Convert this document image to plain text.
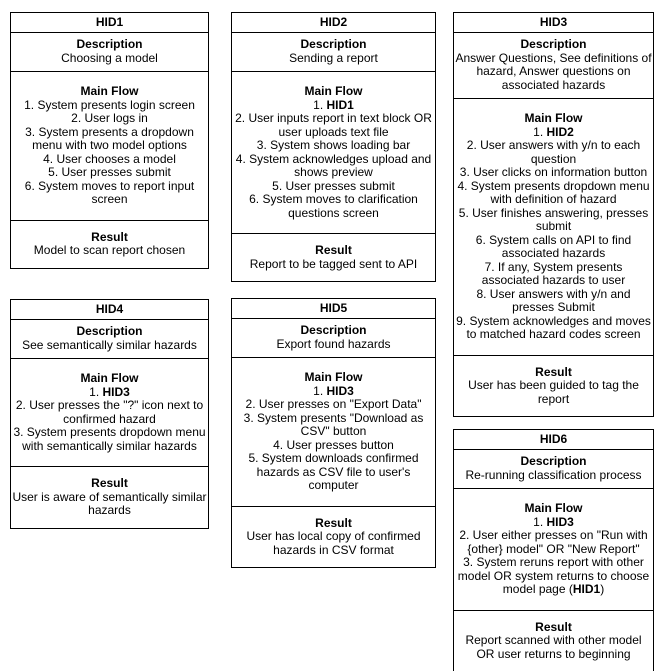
HID1
Description
Choosing a model
Main Flow
1. System presents login screen
2. User logs in
3. System presents a dropdown menu with two model options
4. User chooses a model
5. User presses submit
6. System moves to report input screen
Result
Model to scan report chosen
HID2
Description
Sending a report
Main Flow
1. HID1
2. User inputs report in text block OR user uploads text file
3. System shows loading bar
4. System acknowledges upload and shows preview
5. User presses submit
6. System moves to clarification questions screen
Result
Report to be tagged sent to API
HID3
Description
Answer Questions, See definitions of hazard, Answer questions on associated hazards
Main Flow
1. HID2
2. User answers with y/n to each question
3. User clicks on information button
4. System presents dropdown menu with definition of hazard
5. User finishes answering, presses submit
6. System calls on API to find associated hazards
7. If any, System presents associated hazards to user
8. User answers with y/n and presses Submit
9. System acknowledges and moves to matched hazard codes screen
Result
User has been guided to tag the report
HID4
Description
See semantically similar hazards
Main Flow
1. HID3
2. User presses the "?" icon next to confirmed hazard
3. System presents dropdown menu with semantically similar hazards
Result
User is aware of semantically similar hazards
HID5
Description
Export found hazards
Main Flow
1. HID3
2. User presses on "Export Data"
3. System presents "Download as CSV" button
4. User presses button
5. System downloads confirmed hazards as CSV file to user's computer
Result
User has local copy of confirmed hazards in CSV format
HID6
Description
Re-running classification process
Main Flow
1. HID3
2. User either presses on "Run with {other} model" OR "New Report"
3. System reruns report with other model OR system returns to choose model page (HID1)
Result
Report scanned with other model OR user returns to beginning
